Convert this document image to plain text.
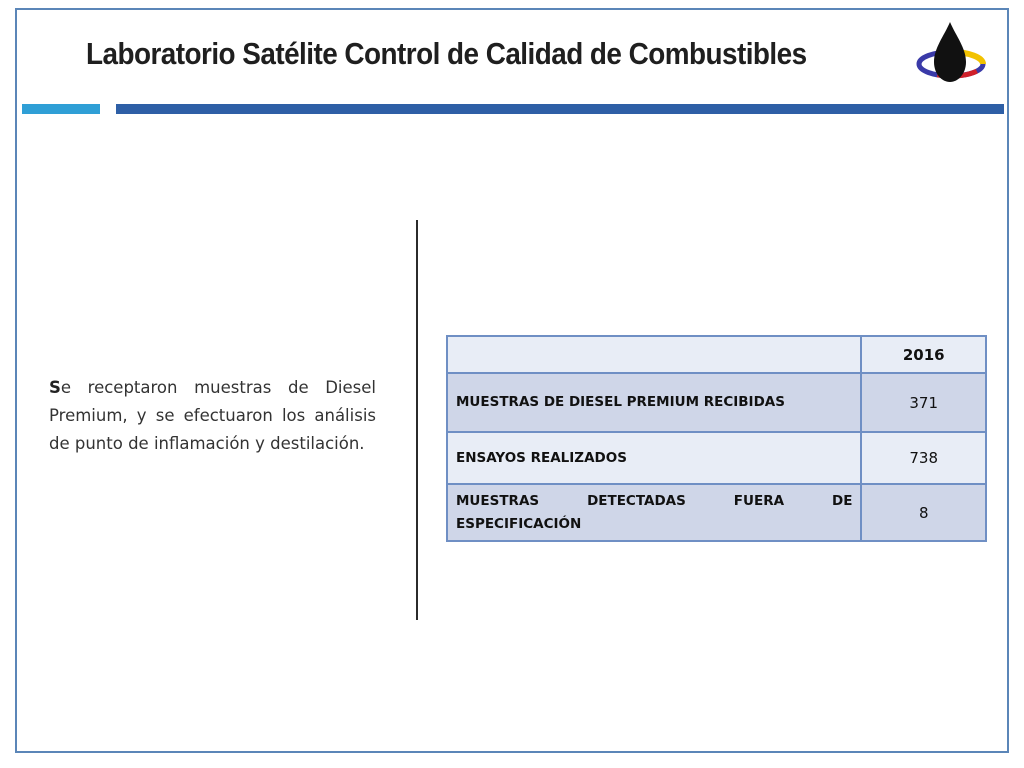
Laboratorio Satélite Control de Calidad de Combustibles
Se receptaron muestras de Diesel Premium, y se efectuaron los análisis de punto de inflamación y destilación.
	2016
MUESTRAS DE DIESEL PREMIUM RECIBIDAS	371
ENSAYOS REALIZADOS	738
MUESTRAS DETECTADAS FUERA DE ESPECIFICACIÓN	8
